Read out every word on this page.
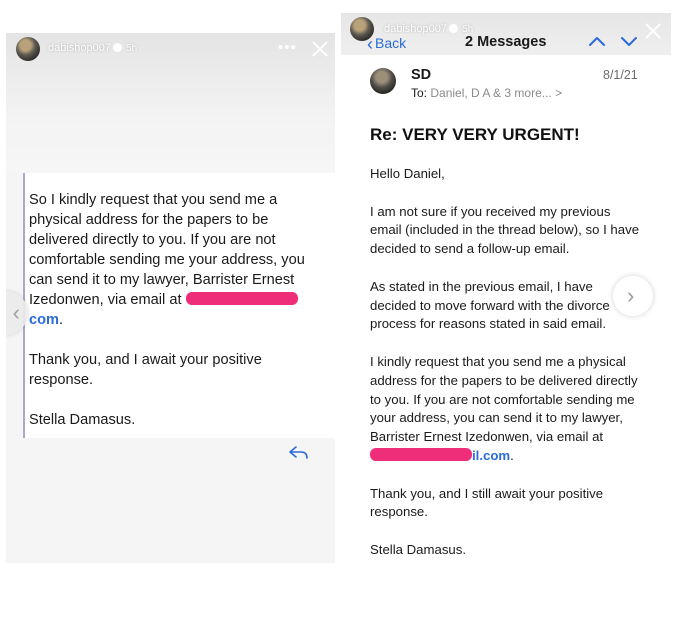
dabishop007 5h	•••

So I kindly request that you send me a physical address for the papers to be delivered directly to you. If you are not comfortable sending me your address, you can send it to my lawyer, Barrister Ernest Izedonwen, via email at com.

Thank you, and I await your positive response.

Stella Damasus.

‹
dabishop007 5h
‹ Back	2 Messages
SD	8/1/21
To: Daniel, D A & 3 more... >
Re: VERY VERY URGENT!

Hello Daniel,

I am not sure if you received my previous email (included in the thread below), so I have decided to send a follow-up email.

As stated in the previous email, I have decided to move forward with the divorce process for reasons stated in said email.

I kindly request that you send me a physical address for the papers to be delivered directly to you. If you are not comfortable sending me your address, you can send it to my lawyer, Barrister Ernest Izedonwen, via email at il.com.

Thank you, and I still await your positive response.

Stella Damasus.

›
